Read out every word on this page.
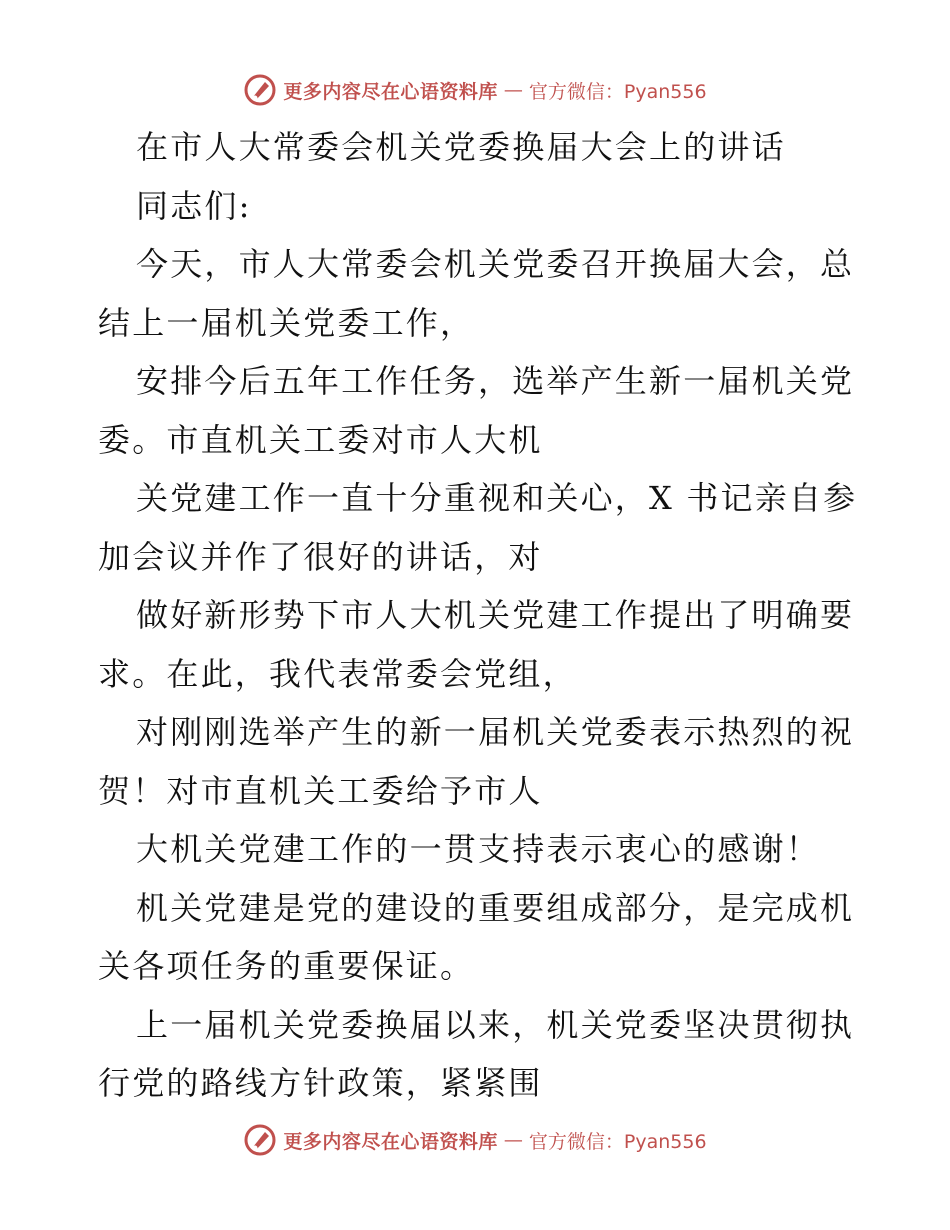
更多内容尽在心语资料库 — 官方微信：Pyan556
在市人大常委会机关党委换届大会上的讲话
同志们:
今天，市人大常委会机关党委召开换届大会，总
结上一届机关党委工作，
安排今后五年工作任务，选举产生新一届机关党
委。市直机关工委对市人大机
关党建工作一直十分重视和关心，X 书记亲自参
加会议并作了很好的讲话，对
做好新形势下市人大机关党建工作提出了明确要
求。在此，我代表常委会党组，
对刚刚选举产生的新一届机关党委表示热烈的祝
贺！对市直机关工委给予市人
大机关党建工作的一贯支持表示衷心的感谢！
机关党建是党的建设的重要组成部分，是完成机
关各项任务的重要保证。
上一届机关党委换届以来，机关党委坚决贯彻执
行党的路线方针政策，紧紧围
更多内容尽在心语资料库 — 官方微信：Pyan556
